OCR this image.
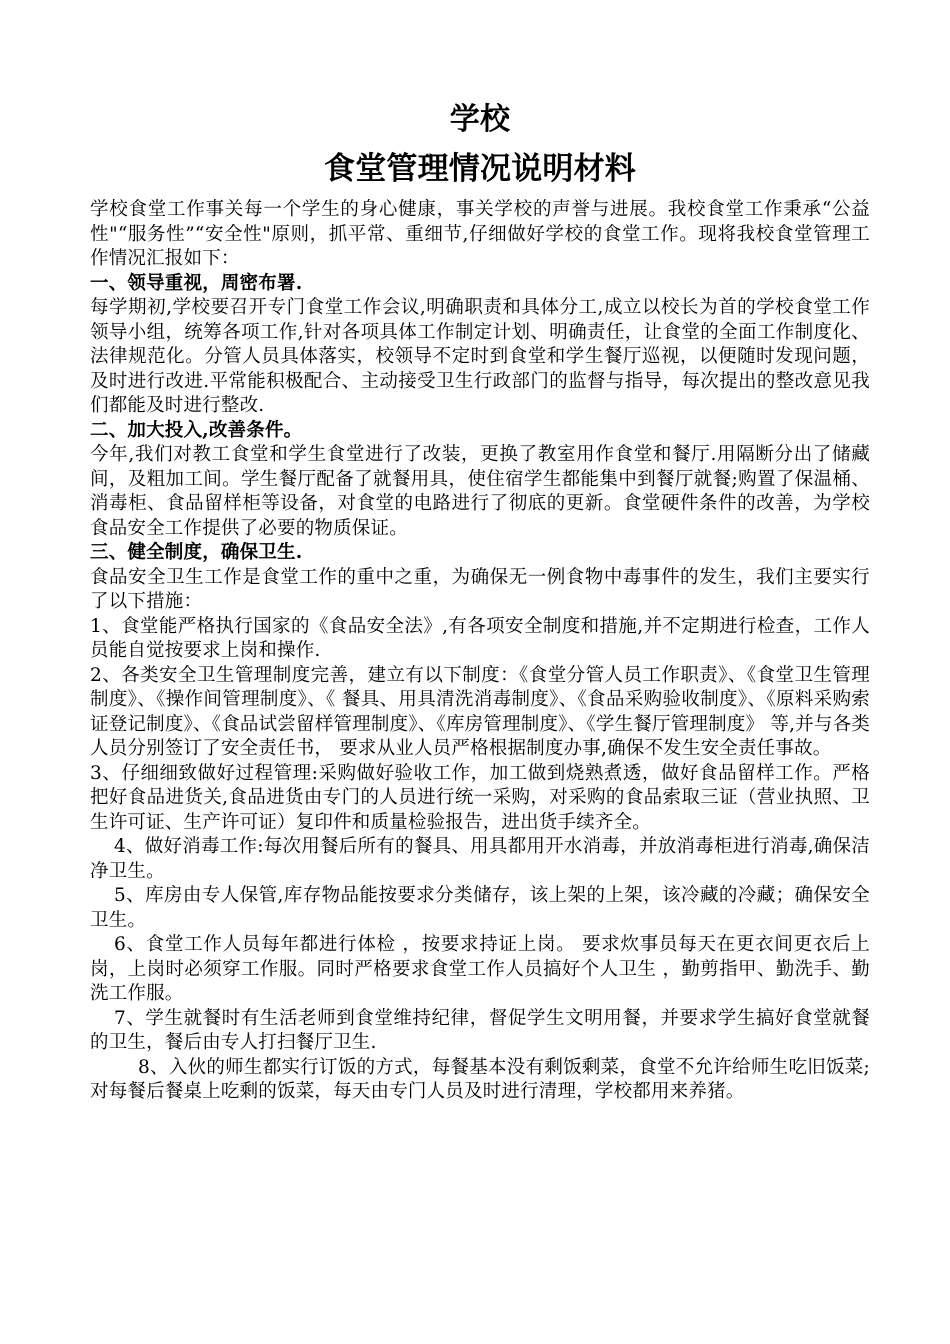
学校
食堂管理情况说明材料

学校食堂工作事关每一个学生的身心健康，事关学校的声誉与进展。我校食堂工作秉承“公益性"“服务性”“安全性"原则，抓平常、重细节,仔细做好学校的食堂工作。现将我校食堂管理工作情况汇报如下：

一、领导重视，周密布署.

每学期初,学校要召开专门食堂工作会议,明确职责和具体分工,成立以校长为首的学校食堂工作领导小组，统筹各项工作,针对各项具体工作制定计划、明确责任，让食堂的全面工作制度化、法律规范化。分管人员具体落实，校领导不定时到食堂和学生餐厅巡视，以便随时发现问题，及时进行改进.平常能积极配合、主动接受卫生行政部门的监督与指导，每次提出的整改意见我们都能及时进行整改.

二、加大投入,改善条件。

今年,我们对教工食堂和学生食堂进行了改装，更换了教室用作食堂和餐厅.用隔断分出了储藏间，及粗加工间。学生餐厅配备了就餐用具，使住宿学生都能集中到餐厅就餐;购置了保温桶、消毒柜、食品留样柜等设备，对食堂的电路进行了彻底的更新。食堂硬件条件的改善，为学校食品安全工作提供了必要的物质保证。

三、健全制度，确保卫生.

食品安全卫生工作是食堂工作的重中之重，为确保无一例食物中毒事件的发生，我们主要实行了以下措施：

1、食堂能严格执行国家的《食品安全法》,有各项安全制度和措施,并不定期进行检查，工作人员能自觉按要求上岗和操作.

2、各类安全卫生管理制度完善，建立有以下制度：《食堂分管人员工作职责》、《食堂卫生管理制度》、《操作间管理制度》、《 餐具、用具清洗消毒制度》、《食品采购验收制度》、《原料采购索证登记制度》、《食品试尝留样管理制度》、《库房管理制度》、《学生餐厅管理制度》 等,并与各类人员分别签订了安全责任书， 要求从业人员严格根据制度办事,确保不发生安全责任事故。

3、仔细细致做好过程管理:采购做好验收工作，加工做到烧熟煮透，做好食品留样工作。严格把好食品进货关,食品进货由专门的人员进行统一采购，对采购的食品索取三证（营业执照、卫生许可证、生产许可证）复印件和质量检验报告，进出货手续齐全。

4、做好消毒工作:每次用餐后所有的餐具、用具都用开水消毒，并放消毒柜进行消毒,确保洁净卫生。

5、库房由专人保管,库存物品能按要求分类储存，该上架的上架，该冷藏的冷藏；确保安全卫生。

6、食堂工作人员每年都进行体检 ，按要求持证上岗。 要求炊事员每天在更衣间更衣后上岗，上岗时必须穿工作服。同时严格要求食堂工作人员搞好个人卫生 ，勤剪指甲、勤洗手、勤洗工作服。

7、学生就餐时有生活老师到食堂维持纪律，督促学生文明用餐，并要求学生搞好食堂就餐的卫生，餐后由专人打扫餐厅卫生.

8、入伙的师生都实行订饭的方式，每餐基本没有剩饭剩菜，食堂不允许给师生吃旧饭菜;对每餐后餐桌上吃剩的饭菜，每天由专门人员及时进行清理，学校都用来养猪。
